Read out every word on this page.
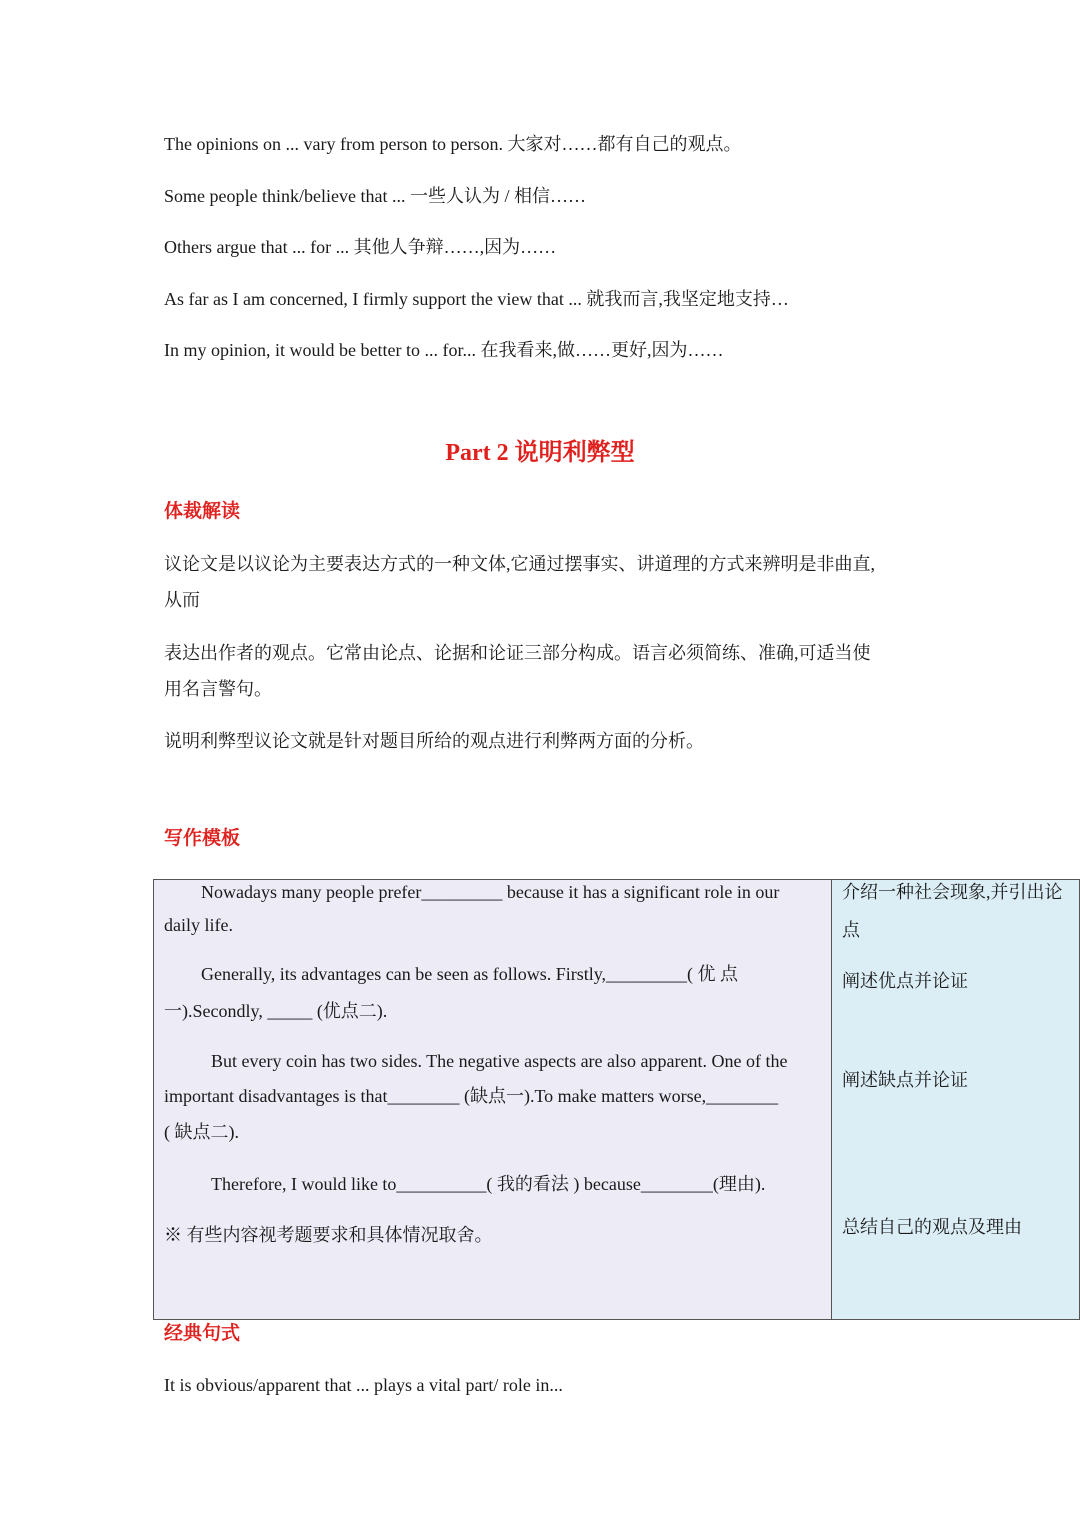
The opinions on ... vary from person to person. 大家对……都有自己的观点。

Some people think/believe that ... 一些人认为 / 相信……

Others argue that ... for ... 其他人争辩……,因为……

As far as I am concerned, I firmly support the view that ... 就我而言,我坚定地支持…

In my opinion, it would be better to ... for... 在我看来,做……更好,因为……

Part 2 说明利弊型
体裁解读

议论文是以议论为主要表达方式的一种文体,它通过摆事实、讲道理的方式来辨明是非曲直,

从而

表达出作者的观点。它常由论点、论据和论证三部分构成。语言必须简练、准确,可适当使

用名言警句。

说明利弊型议论文就是针对题目所给的观点进行利弊两方面的分析。

写作模板
Nowadays many people prefer_________ because it has a significant role in our
daily life.
Generally, its advantages can be seen as follows. Firstly,_________( 优 点
一).Secondly, _____ (优点二).
But every coin has two sides. The negative aspects are also apparent. One of the
important disadvantages is that________ (缺点一).To make matters worse,________
( 缺点二).
Therefore, I would like to__________( 我的看法 ) because________(理由).
※ 有些内容视考题要求和具体情况取舍。
介绍一种社会现象,并引出论
点
阐述优点并论证
阐述缺点并论证
总结自己的观点及理由
经典句式

It is obvious/apparent that ... plays a vital part/ role in...
